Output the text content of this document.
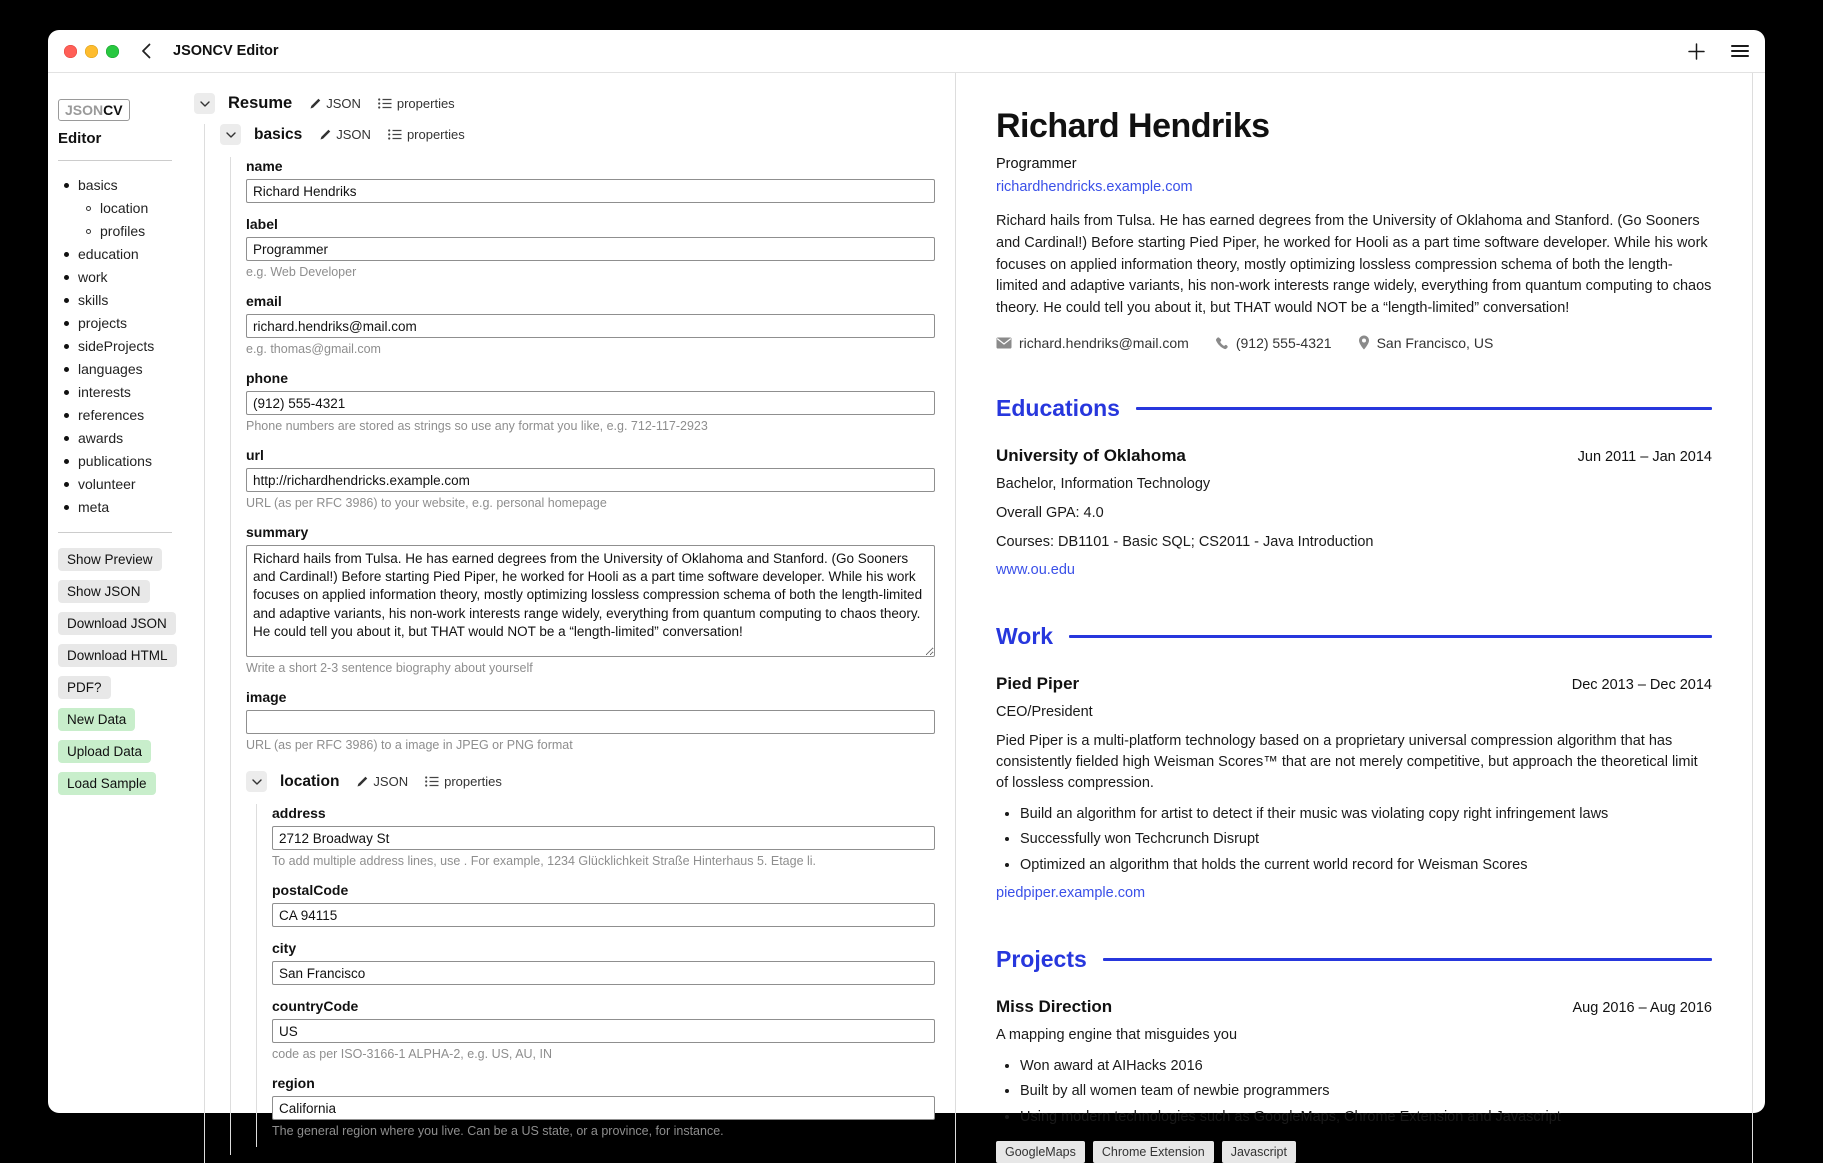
JSONCV Editor
JSONCV
Editor
basics
location
profiles
education
work
skills
projects
sideProjects
languages
interests
references
awards
publications
volunteer
meta
Show Preview
Show JSON
Download JSON
Download HTML
PDF?
New Data
Upload Data
Load Sample
Resume	JSON	properties
basics	JSON	properties
name
Richard Hendriks
label
Programmer
e.g. Web Developer
email
richard.hendriks@mail.com
e.g. thomas@gmail.com
phone
(912) 555-4321
Phone numbers are stored as strings so use any format you like, e.g. 712-117-2923
url
http://richardhendricks.example.com
URL (as per RFC 3986) to your website, e.g. personal homepage
summary
Richard hails from Tulsa. He has earned degrees from the University of Oklahoma and Stanford. (Go Sooners and Cardinal!) Before starting Pied Piper, he worked for Hooli as a part time software developer. While his work focuses on applied information theory, mostly optimizing lossless compression schema of both the length-limited and adaptive variants, his non-work interests range widely, everything from quantum computing to chaos theory. He could tell you about it, but THAT would NOT be a “length-limited” conversation!
Write a short 2-3 sentence biography about yourself
image
URL (as per RFC 3986) to a image in JPEG or PNG format
location	JSON	properties
address
2712 Broadway St
To add multiple address lines, use . For example, 1234 Glücklichkeit Straße Hinterhaus 5. Etage li.
postalCode
CA 94115
city
San Francisco
countryCode
US
code as per ISO-3166-1 ALPHA-2, e.g. US, AU, IN
region
California
The general region where you live. Can be a US state, or a province, for instance.
Richard Hendriks
Programmer
richardhendricks.example.com
Richard hails from Tulsa. He has earned degrees from the University of Oklahoma and Stanford. (Go Sooners and Cardinal!) Before starting Pied Piper, he worked for Hooli as a part time software developer. While his work focuses on applied information theory, mostly optimizing lossless compression schema of both the length-limited and adaptive variants, his non-work interests range widely, everything from quantum computing to chaos theory. He could tell you about it, but THAT would NOT be a “length-limited” conversation!
richard.hendriks@mail.com	(912) 555-4321	San Francisco, US
Educations
University of Oklahoma	Jun 2011 – Jan 2014
Bachelor, Information Technology
Overall GPA: 4.0
Courses: DB1101 - Basic SQL; CS2011 - Java Introduction
www.ou.edu
Work
Pied Piper	Dec 2013 – Dec 2014
CEO/President
Pied Piper is a multi-platform technology based on a proprietary universal compression algorithm that has consistently fielded high Weisman Scores™ that are not merely competitive, but approach the theoretical limit of lossless compression.
• Build an algorithm for artist to detect if their music was violating copy right infringement laws
• Successfully won Techcrunch Disrupt
• Optimized an algorithm that holds the current world record for Weisman Scores
piedpiper.example.com
Projects
Miss Direction	Aug 2016 – Aug 2016
A mapping engine that misguides you
• Won award at AIHacks 2016
• Built by all women team of newbie programmers
• Using modern technologies such as GoogleMaps, Chrome Extension and Javascript
GoogleMaps	Chrome Extension	Javascript
